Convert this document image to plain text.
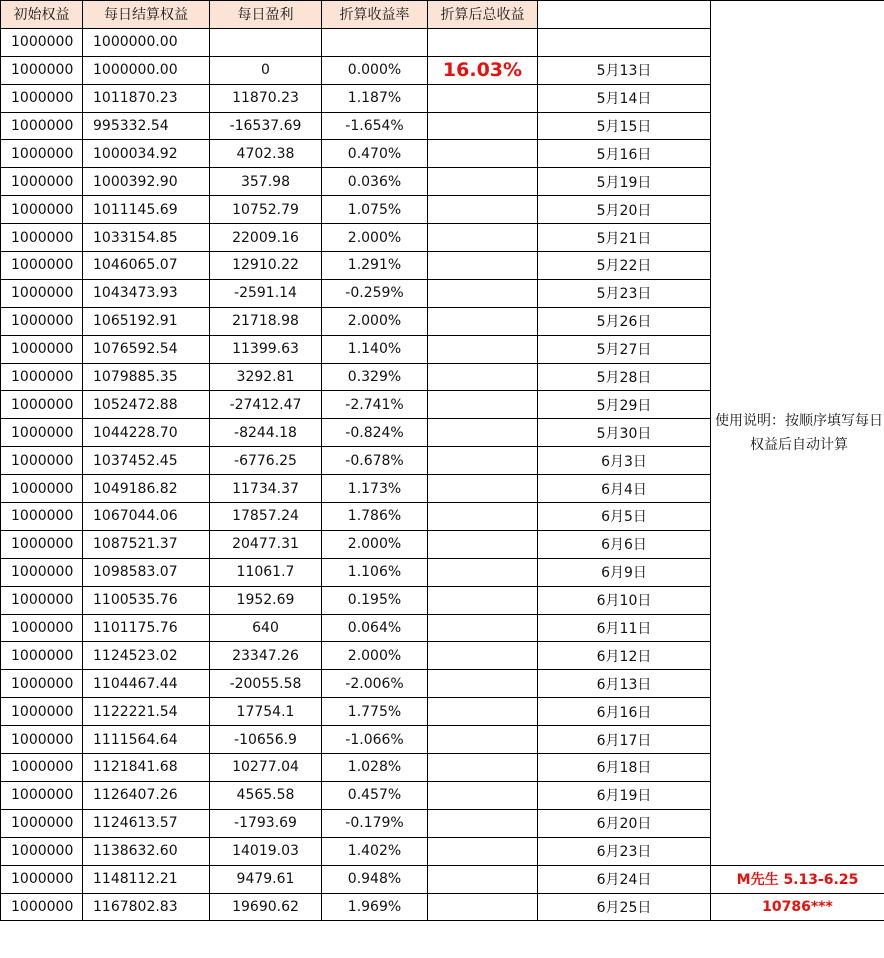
初始权益	每日结算权益	每日盈利	折算收益率	折算后总收益		使用说明：按顺序填写每日权益后自动计算
1000000	1000000.00					
1000000	1000000.00	0	0.000%	16.03%	5月13日	
1000000	1011870.23	11870.23	1.187%		5月14日	
1000000	995332.54	-16537.69	-1.654%		5月15日	
1000000	1000034.92	4702.38	0.470%		5月16日	
1000000	1000392.90	357.98	0.036%		5月19日	
1000000	1011145.69	10752.79	1.075%		5月20日	
1000000	1033154.85	22009.16	2.000%		5月21日	
1000000	1046065.07	12910.22	1.291%		5月22日	
1000000	1043473.93	-2591.14	-0.259%		5月23日	
1000000	1065192.91	21718.98	2.000%		5月26日	
1000000	1076592.54	11399.63	1.140%		5月27日	
1000000	1079885.35	3292.81	0.329%		5月28日	
1000000	1052472.88	-27412.47	-2.741%		5月29日	
1000000	1044228.70	-8244.18	-0.824%		5月30日	
1000000	1037452.45	-6776.25	-0.678%		6月3日	
1000000	1049186.82	11734.37	1.173%		6月4日	
1000000	1067044.06	17857.24	1.786%		6月5日	
1000000	1087521.37	20477.31	2.000%		6月6日	
1000000	1098583.07	11061.7	1.106%		6月9日	
1000000	1100535.76	1952.69	0.195%		6月10日	
1000000	1101175.76	640	0.064%		6月11日	
1000000	1124523.02	23347.26	2.000%		6月12日	
1000000	1104467.44	-20055.58	-2.006%		6月13日	
1000000	1122221.54	17754.1	1.775%		6月16日	
1000000	1111564.64	-10656.9	-1.066%		6月17日	
1000000	1121841.68	10277.04	1.028%		6月18日	
1000000	1126407.26	4565.58	0.457%		6月19日	
1000000	1124613.57	-1793.69	-0.179%		6月20日	
1000000	1138632.60	14019.03	1.402%		6月23日	
1000000	1148112.21	9479.61	0.948%		6月24日	M先生 5.13-6.25
1000000	1167802.83	19690.62	1.969%		6月25日	10786***
